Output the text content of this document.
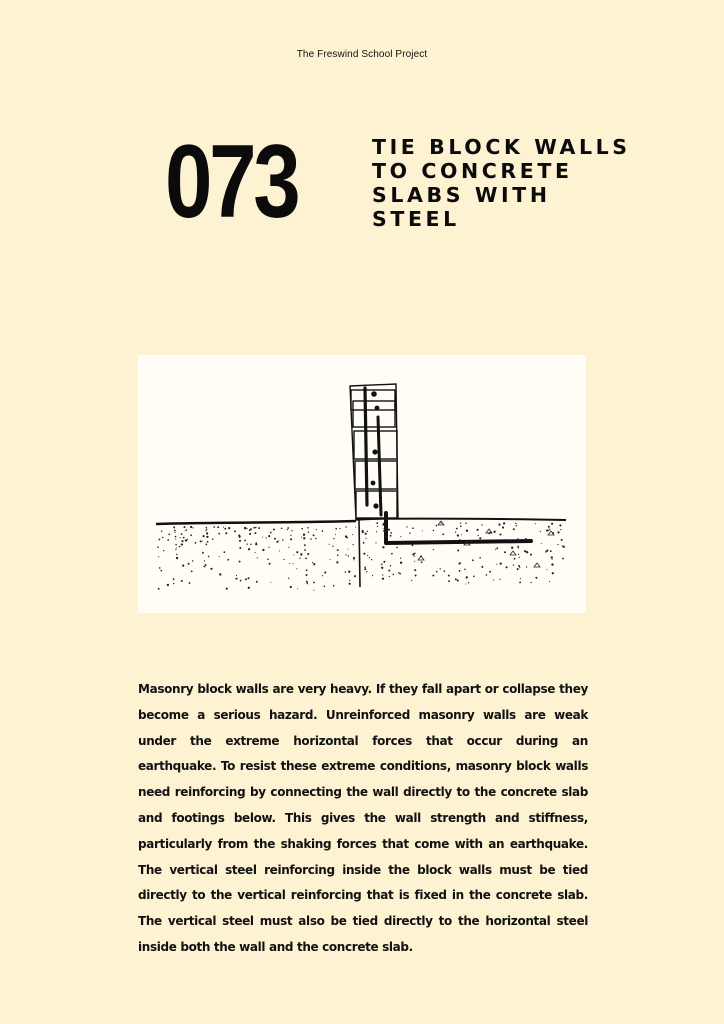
The Freswind School Project
073	TIE BLOCK WALLS
TO CONCRETE
SLABS WITH
STEEL
Masonry block walls are very heavy. If they fall apart or collapse they become a serious hazard. Unreinforced masonry walls are weak under the extreme horizontal forces that occur during an earthquake. To resist these extreme conditions, masonry block walls need reinforcing by connecting the wall directly to the concrete slab and footings below. This gives the wall strength and stiffness, particularly from the shaking forces that come with an earthquake. The vertical steel reinforcing inside the block walls must be tied directly to the vertical reinforcing that is fixed in the concrete slab. The vertical steel must also be tied directly to the horizontal steel inside both the wall and the concrete slab.
